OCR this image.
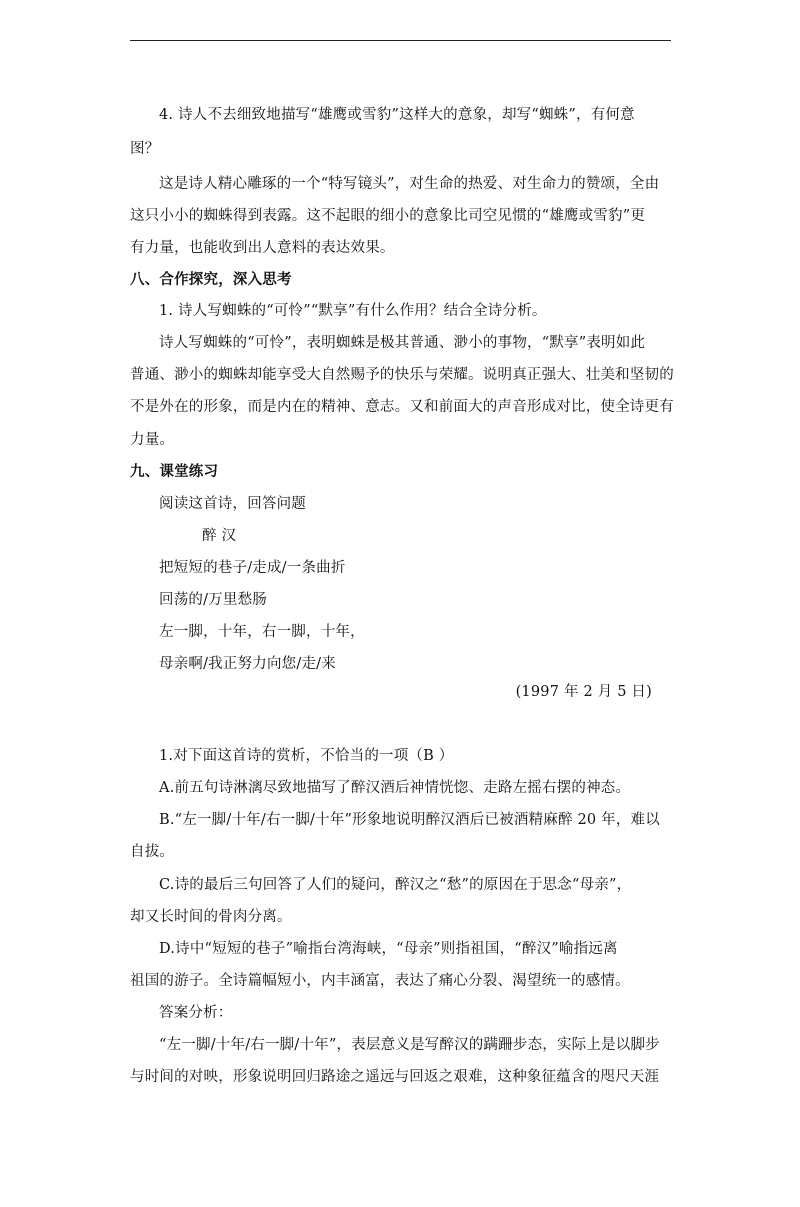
4. 诗人不去细致地描写“雄鹰或雪豹”这样大的意象，却写“蜘蛛”，有何意
图？
这是诗人精心雕琢的一个“特写镜头”，对生命的热爱、对生命力的赞颂，全由
这只小小的蜘蛛得到表露。这不起眼的细小的意象比司空见惯的“雄鹰或雪豹”更
有力量，也能收到出人意料的表达效果。
八、合作探究，深入思考
1. 诗人写蜘蛛的“可怜”“默享”有什么作用？结合全诗分析。
诗人写蜘蛛的“可怜”，表明蜘蛛是极其普通、渺小的事物，“默享”表明如此
普通、渺小的蜘蛛却能享受大自然赐予的快乐与荣耀。说明真正强大、壮美和坚韧的
不是外在的形象，而是内在的精神、意志。又和前面大的声音形成对比，使全诗更有
力量。
九、课堂练习
阅读这首诗，回答问题
醉 汉
把短短的巷子/走成/一条曲折
回荡的/万里愁肠
左一脚，十年，右一脚，十年，
母亲啊/我正努力向您/走/来
(1997 年 2 月 5 日)
1.对下面这首诗的赏析，不恰当的一项（B ）
A.前五句诗淋漓尽致地描写了醉汉酒后神情恍惚、走路左摇右摆的神态。
B.“左一脚/十年/右一脚/十年”形象地说明醉汉酒后已被酒精麻醉 20 年，难以
自拔。
C.诗的最后三句回答了人们的疑问，醉汉之“愁”的原因在于思念“母亲”，
却又长时间的骨肉分离。
D.诗中“短短的巷子”喻指台湾海峡，“母亲”则指祖国，“醉汉”喻指远离
祖国的游子。全诗篇幅短小，内丰涵富，表达了痛心分裂、渴望统一的感情。
答案分析：
“左一脚/十年/右一脚/十年”，表层意义是写醉汉的蹒跚步态，实际上是以脚步
与时间的对映，形象说明回归路途之遥远与回返之艰难，这种象征蕴含的咫尺天涯
